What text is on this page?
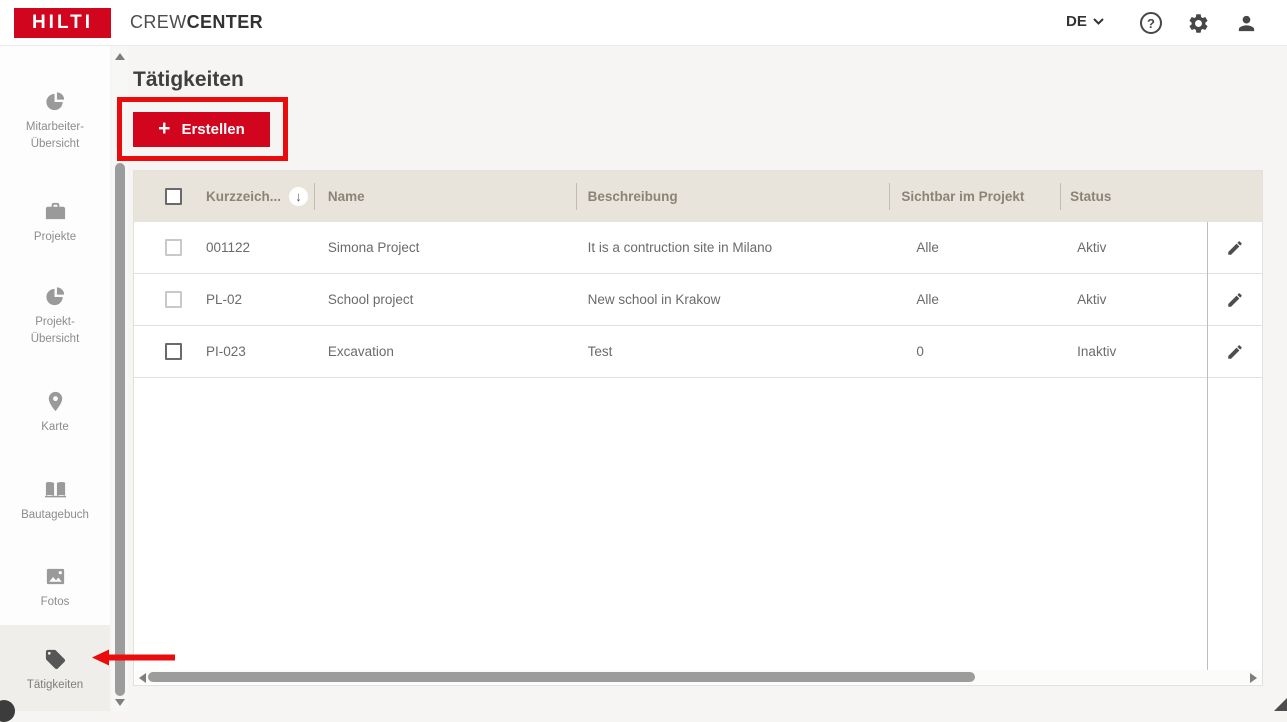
HILTI	CREWCENTER	DE	?
Mitarbeiter-
Übersicht
Projekte
Projekt-
Übersicht
Karte
Bautagebuch
Fotos
Tätigkeiten
Tätigkeiten
+ Erstellen
Kurzzeich...	↓	Name	Beschreibung	Sichtbar im Projekt	Status
001122	Simona Project	It is a contruction site in Milano	Alle	Aktiv
PL-02	School project	New school in Krakow	Alle	Aktiv
PI-023	Excavation	Test	0	Inaktiv
